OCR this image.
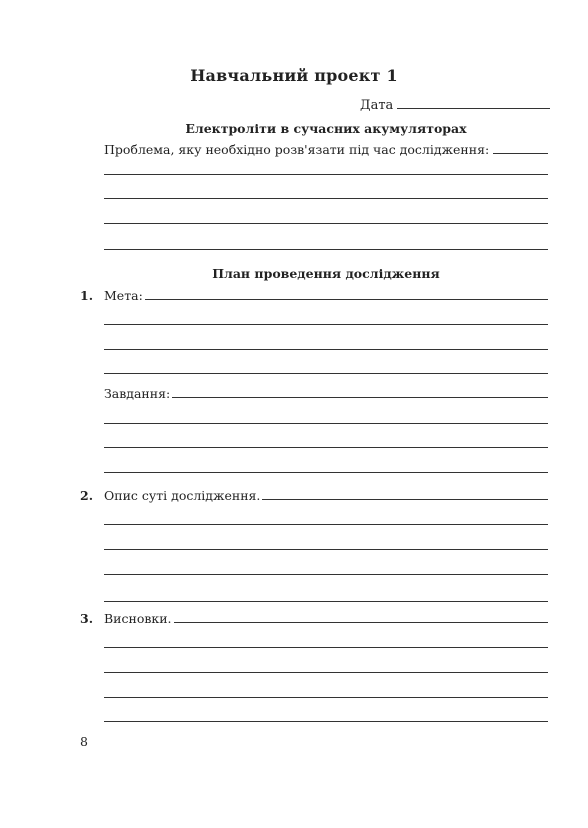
Навчальний проект 1
Дата
Електроліти в сучасних акумуляторах
Проблема, яку необхідно розв'язати під час дослідження:
План проведення дослідження
1. Мета:
Завдання:
2. Опис суті дослідження.
3. Висновки.
8
